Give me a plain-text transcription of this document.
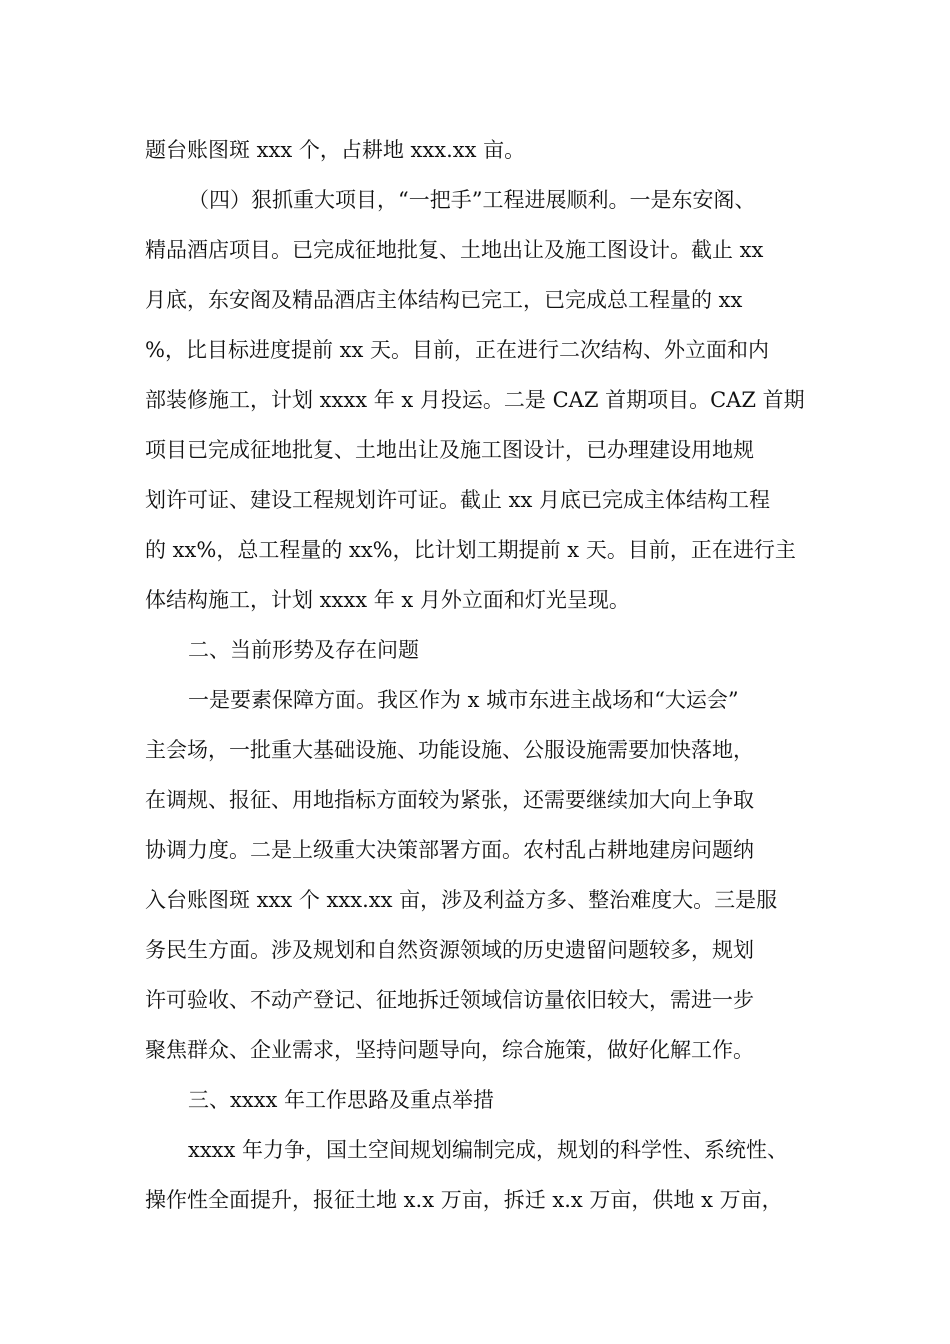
题台账图斑 xxx 个，占耕地 xxx.xx 亩。
（四）狠抓重大项目，“一把手”工程进展顺利。一是东安阁、
精品酒店项目。已完成征地批复、土地出让及施工图设计。截止 xx
月底，东安阁及精品酒店主体结构已完工，已完成总工程量的 xx
%，比目标进度提前 xx 天。目前，正在进行二次结构、外立面和内
部装修施工，计划 xxxx 年 x 月投运。二是 CAZ 首期项目。CAZ 首期
项目已完成征地批复、土地出让及施工图设计，已办理建设用地规
划许可证、建设工程规划许可证。截止 xx 月底已完成主体结构工程
的 xx%，总工程量的 xx%，比计划工期提前 x 天。目前，正在进行主
体结构施工，计划 xxxx 年 x 月外立面和灯光呈现。
二、当前形势及存在问题
一是要素保障方面。我区作为 x 城市东进主战场和“大运会”
主会场，一批重大基础设施、功能设施、公服设施需要加快落地，
在调规、报征、用地指标方面较为紧张，还需要继续加大向上争取
协调力度。二是上级重大决策部署方面。农村乱占耕地建房问题纳
入台账图斑 xxx 个 xxx.xx 亩，涉及利益方多、整治难度大。三是服
务民生方面。涉及规划和自然资源领域的历史遗留问题较多，规划
许可验收、不动产登记、征地拆迁领域信访量依旧较大，需进一步
聚焦群众、企业需求，坚持问题导向，综合施策，做好化解工作。
三、xxxx 年工作思路及重点举措
xxxx 年力争，国土空间规划编制完成，规划的科学性、系统性、
操作性全面提升，报征土地 x.x 万亩，拆迁 x.x 万亩，供地 x 万亩，
